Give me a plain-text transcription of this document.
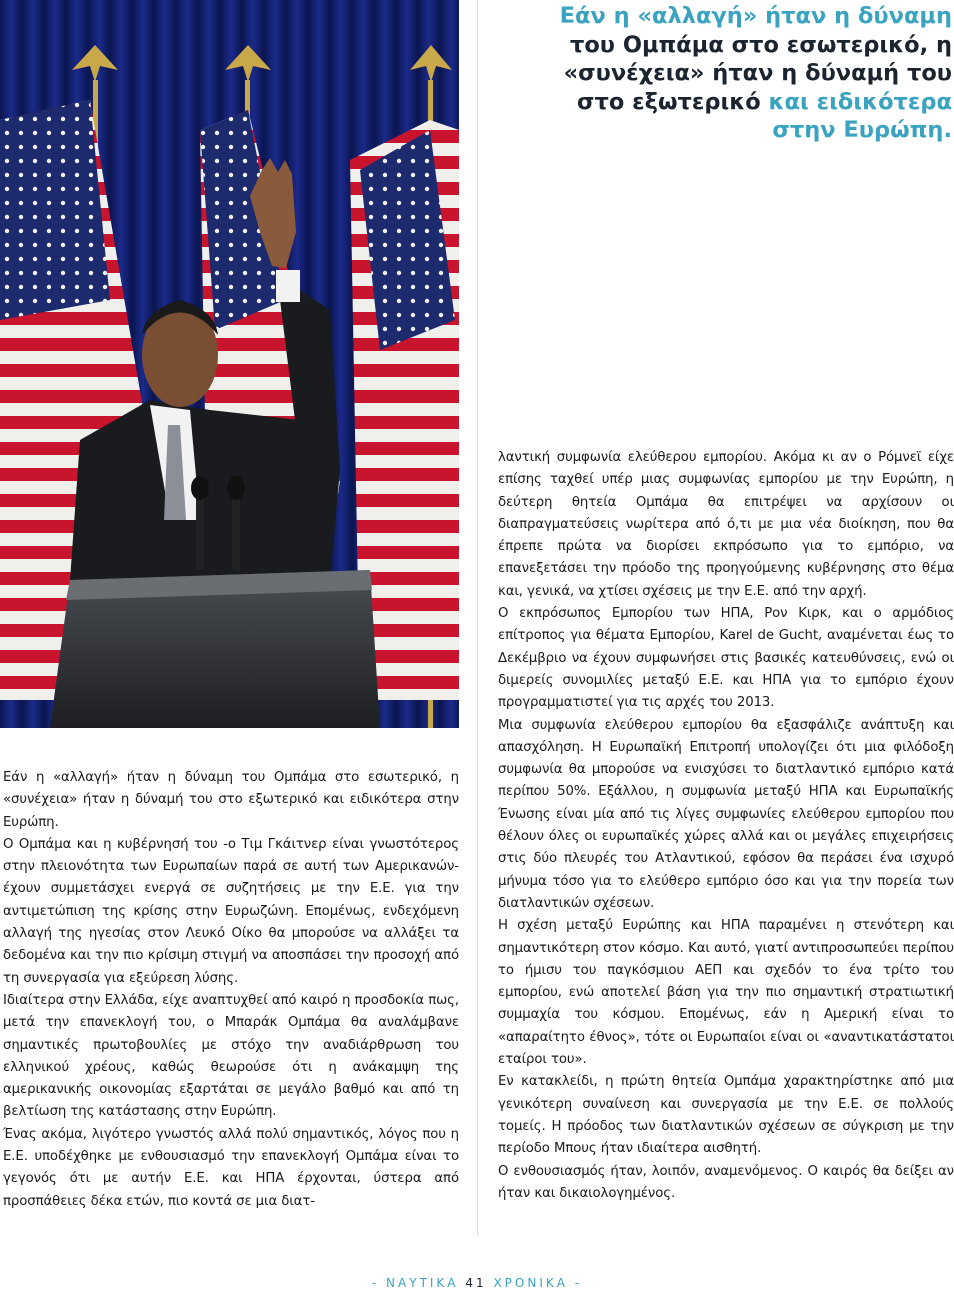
Εάν η «αλλαγή» ήταν η δύναμη του Ομπάμα στο εσωτερικό, η «συνέχεια» ήταν η δύναμή του στο εξωτερικό και ειδικότερα στην Ευρώπη.

Εάν η «αλλαγή» ήταν η δύναμη του Ομπάμα στο εσωτερικό, η «συνέχεια» ήταν η δύναμή του στο εξωτερικό και ειδικότερα στην Ευρώπη.

Ο Ομπάμα και η κυβέρνησή του -ο Τιμ Γκάιτνερ είναι γνωστότερος στην πλειονότητα των Ευρωπαίων παρά σε αυτή των Αμερικανών- έχουν συμμετάσχει ενεργά σε συζητήσεις με την Ε.Ε. για την αντιμετώπιση της κρίσης στην Ευρωζώνη. Επομένως, ενδεχόμενη αλλαγή της ηγεσίας στον Λευκό Οίκο θα μπορούσε να αλλάξει τα δεδομένα και την πιο κρίσιμη στιγμή να αποσπάσει την προσοχή από τη συνεργασία για εξεύρεση λύσης.

Ιδιαίτερα στην Ελλάδα, είχε αναπτυχθεί από καιρό η προσδοκία πως, μετά την επανεκλογή του, ο Μπαράκ Ομπάμα θα αναλάμβανε σημαντικές πρωτοβουλίες με στόχο την αναδιάρθρωση του ελληνικού χρέους, καθώς θεωρούσε ότι η ανάκαμψη της αμερικανικής οικονομίας εξαρτάται σε μεγάλο βαθμό και από τη βελτίωση της κατάστασης στην Ευρώπη.

Ένας ακόμα, λιγότερο γνωστός αλλά πολύ σημαντικός, λόγος που η Ε.Ε. υποδέχθηκε με ενθουσιασμό την επανεκλογή Ομπάμα είναι το γεγονός ότι με αυτήν Ε.Ε. και ΗΠΑ έρχονται, ύστερα από προσπάθειες δέκα ετών, πιο κοντά σε μια διατ-

λαντική συμφωνία ελεύθερου εμπορίου. Ακόμα κι αν ο Ρόμνεϊ είχε επίσης ταχθεί υπέρ μιας συμφωνίας εμπορίου με την Ευρώπη, η δεύτερη θητεία Ομπάμα θα επιτρέψει να αρχίσουν οι διαπραγματεύσεις νωρίτερα από ό,τι με μια νέα διοίκηση, που θα έπρεπε πρώτα να διορίσει εκπρόσωπο για το εμπόριο, να επανεξετάσει την πρόοδο της προηγούμενης κυβέρνησης στο θέμα και, γενικά, να χτίσει σχέσεις με την Ε.Ε. από την αρχή.

Ο εκπρόσωπος Εμπορίου των ΗΠΑ, Ρον Κιρκ, και ο αρμόδιος επίτροπος για θέματα Εμπορίου, Karel de Gucht, αναμένεται έως το Δεκέμβριο να έχουν συμφωνήσει στις βασικές κατευθύνσεις, ενώ οι διμερείς συνομιλίες μεταξύ Ε.Ε. και ΗΠΑ για το εμπόριο έχουν προγραμματιστεί για τις αρχές του 2013.

Μια συμφωνία ελεύθερου εμπορίου θα εξασφάλιζε ανάπτυξη και απασχόληση. Η Ευρωπαϊκή Επιτροπή υπολογίζει ότι μια φιλόδοξη συμφωνία θα μπορούσε να ενισχύσει το διατλαντικό εμπόριο κατά περίπου 50%. Εξάλλου, η συμφωνία μεταξύ ΗΠΑ και Ευρωπαϊκής Ένωσης είναι μία από τις λίγες συμφωνίες ελεύθερου εμπορίου που θέλουν όλες οι ευρωπαϊκές χώρες αλλά και οι μεγάλες επιχειρήσεις στις δύο πλευρές του Ατλαντικού, εφόσον θα περάσει ένα ισχυρό μήνυμα τόσο για το ελεύθερο εμπόριο όσο και για την πορεία των διατλαντικών σχέσεων.

Η σχέση μεταξύ Ευρώπης και ΗΠΑ παραμένει η στενότερη και σημαντικότερη στον κόσμο. Και αυτό, γιατί αντιπροσωπεύει περίπου το ήμισυ του παγκόσμιου ΑΕΠ και σχεδόν το ένα τρίτο του εμπορίου, ενώ αποτελεί βάση για την πιο σημαντική στρατιωτική συμμαχία του κόσμου. Επομένως, εάν η Αμερική είναι το «απαραίτητο έθνος», τότε οι Ευρωπαίοι είναι οι «αναντικατάστατοι εταίροι του».

Εν κατακλείδι, η πρώτη θητεία Ομπάμα χαρακτηρίστηκε από μια γενικότερη συναίνεση και συνεργασία με την Ε.Ε. σε πολλούς τομείς. Η πρόοδος των διατλαντικών σχέσεων σε σύγκριση με την περίοδο Μπους ήταν ιδιαίτερα αισθητή.

Ο ενθουσιασμός ήταν, λοιπόν, αναμενόμενος. Ο καιρός θα δείξει αν ήταν και δικαιολογημένος.

- ΝΑΥΤΙΚΑ 41 ΧΡΟΝΙΚΑ -
